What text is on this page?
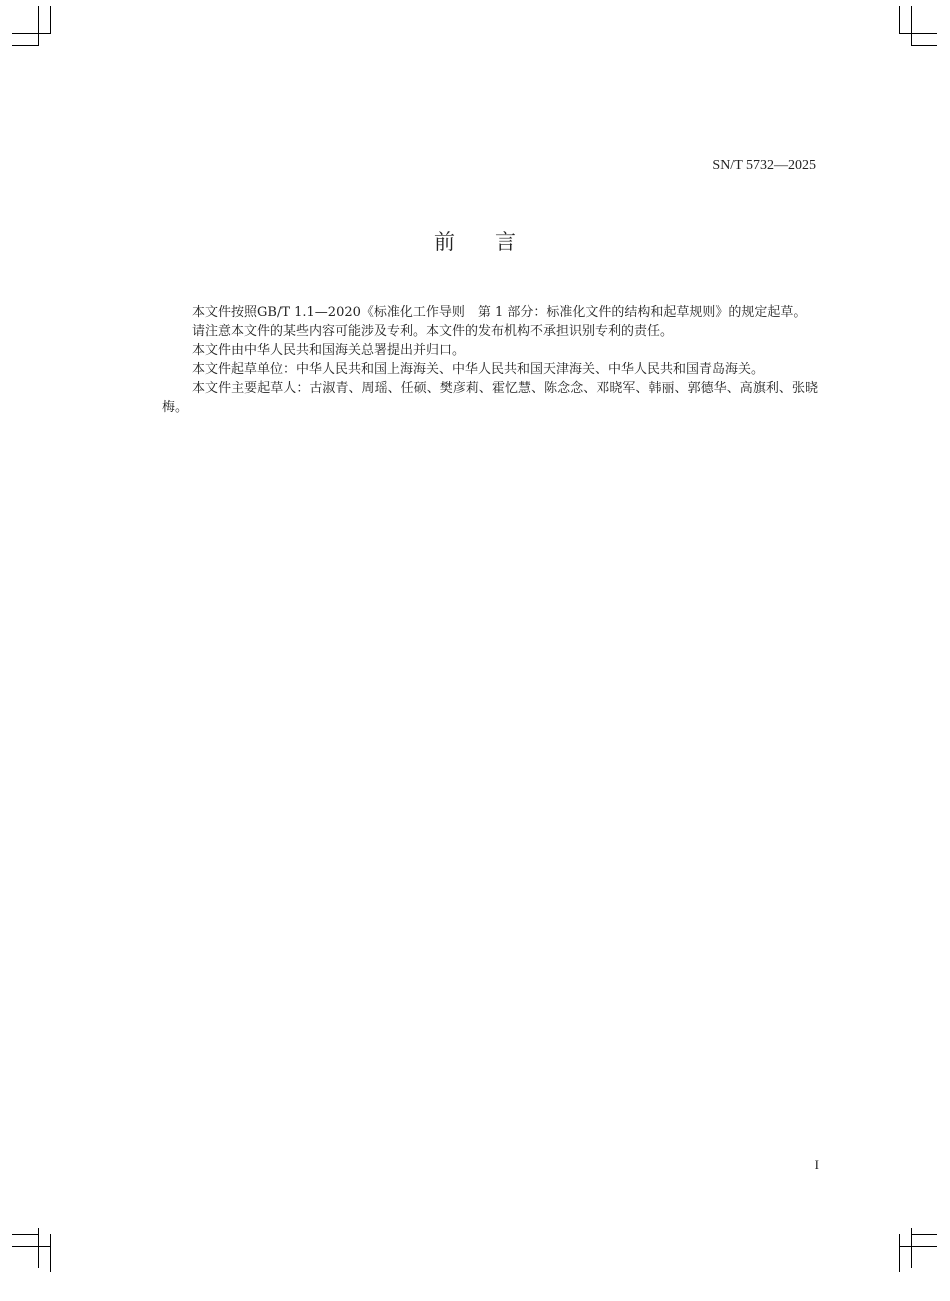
SN/T 5732—2025
前言

本文件按照GB/T 1.1—2020《标准化工作导则　第 1 部分：标准化文件的结构和起草规则》的规定起草。

请注意本文件的某些内容可能涉及专利。本文件的发布机构不承担识别专利的责任。

本文件由中华人民共和国海关总署提出并归口。

本文件起草单位：中华人民共和国上海海关、中华人民共和国天津海关、中华人民共和国青岛海关。

本文件主要起草人：古淑青、周瑶、任硕、樊彦莉、霍忆慧、陈念念、邓晓军、韩丽、郭德华、高旗利、张晓梅。

I
